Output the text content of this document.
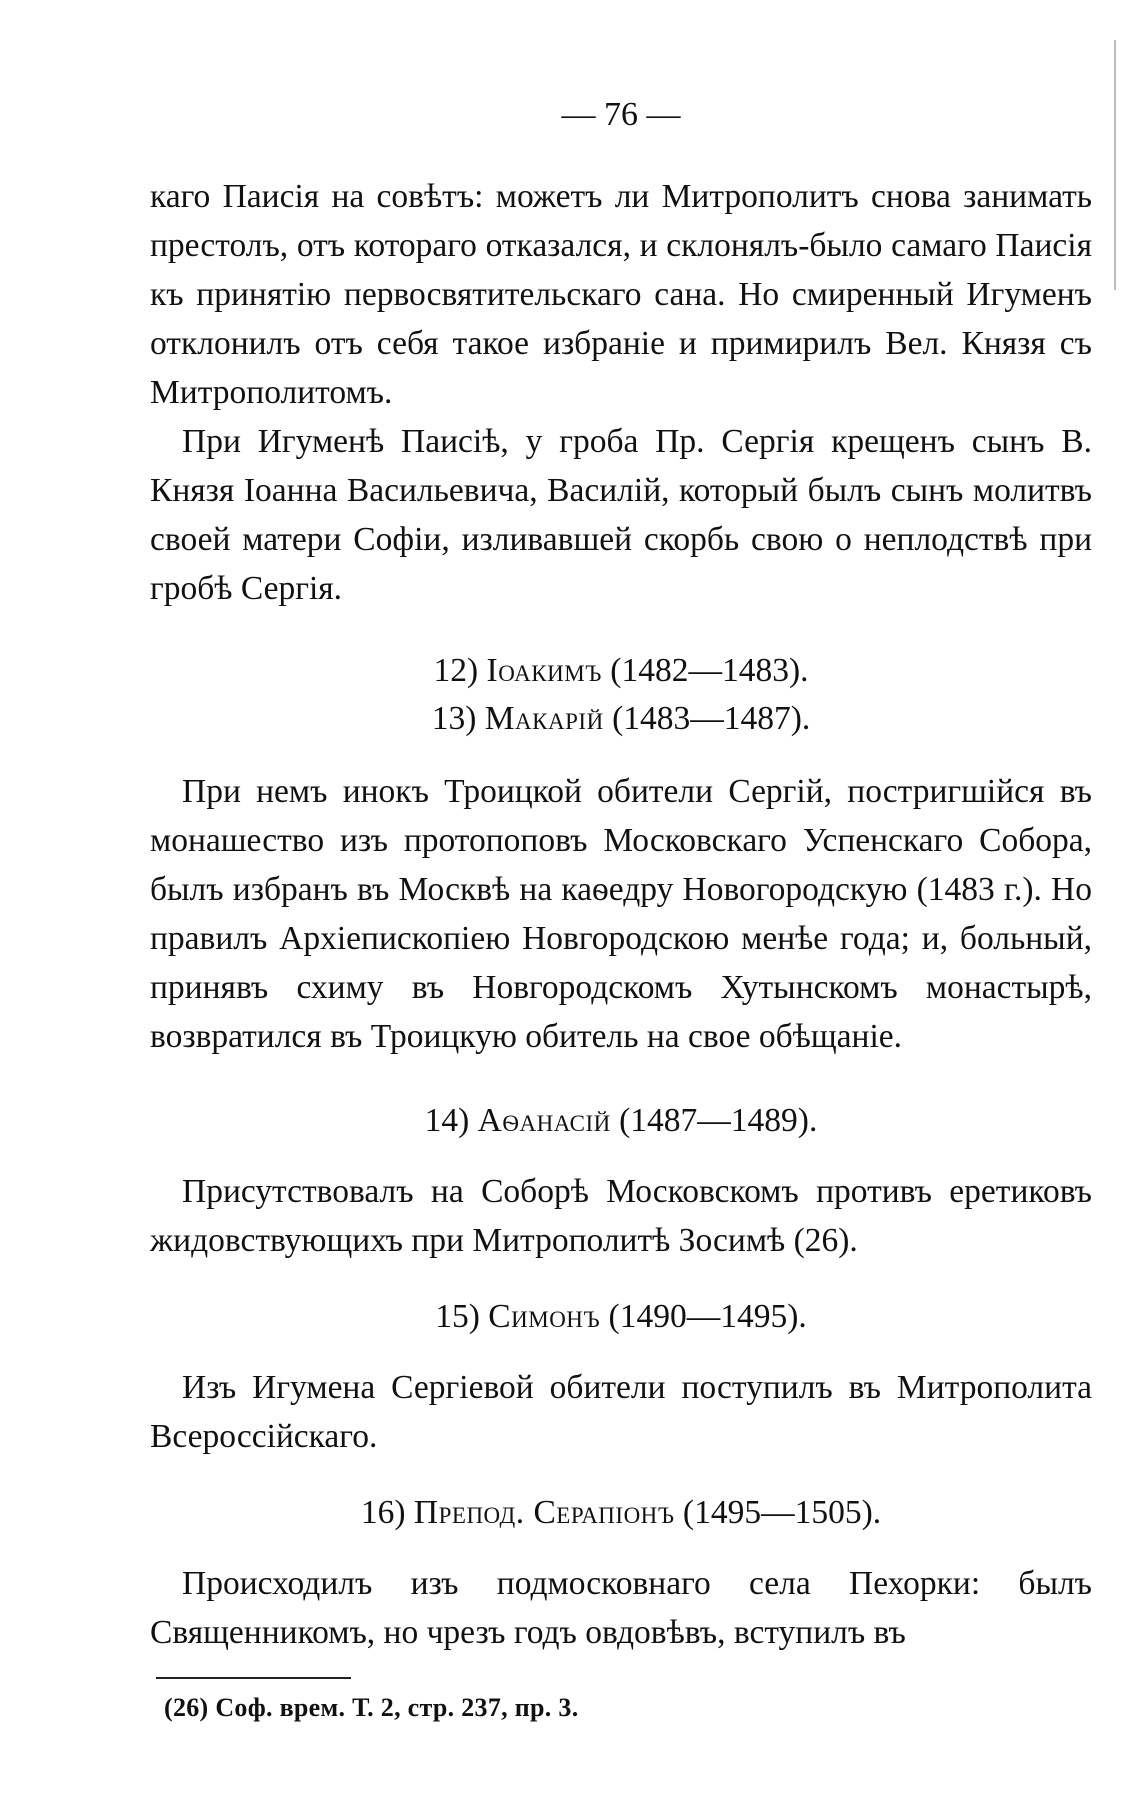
— 76 —

каго Паисія на совѣтъ: можетъ ли Митрополитъ снова занимать престолъ, отъ котораго отказался, и склонялъ-было самаго Паисія къ принятію первосвятительскаго сана. Но смиренный Игуменъ отклонилъ отъ себя такое избраніе и примирилъ Вел. Князя съ Митрополитомъ.

При Игуменѣ Паисіѣ, у гроба Пр. Сергія крещенъ сынъ В. Князя Іоанна Васильевича, Василій, который былъ сынъ молитвъ своей матери Софіи, изливавшей скорбь свою о неплодствѣ при гробѣ Сергія.

12) Іоакимъ (1482—1483).
13) Макарій (1483—1487).

При немъ инокъ Троицкой обители Сергій, постригшійся въ монашество изъ протопоповъ Московскаго Успенскаго Собора, былъ избранъ въ Москвѣ на каѳедру Новогородскую (1483 г.). Но правилъ Архіепископіею Новгородскою менѣе года; и, больный, принявъ схиму въ Новгородскомъ Хутынскомъ монастырѣ, возвратился въ Троицкую обитель на свое обѣщаніе.

14) Аѳанасій (1487—1489).

Присутствовалъ на Соборѣ Московскомъ противъ еретиковъ жидовствующихъ при Митрополитѣ Зосимѣ (26).

15) Симонъ (1490—1495).

Изъ Игумена Сергіевой обители поступилъ въ Митрополита Всероссійскаго.

16) Препод. Серапіонъ (1495—1505).

Происходилъ изъ подмосковнаго села Пехорки: былъ Священникомъ, но чрезъ годъ овдовѣвъ, вступилъ въ

(26) Соф. врем. Т. 2, стр. 237, пр. 3.
